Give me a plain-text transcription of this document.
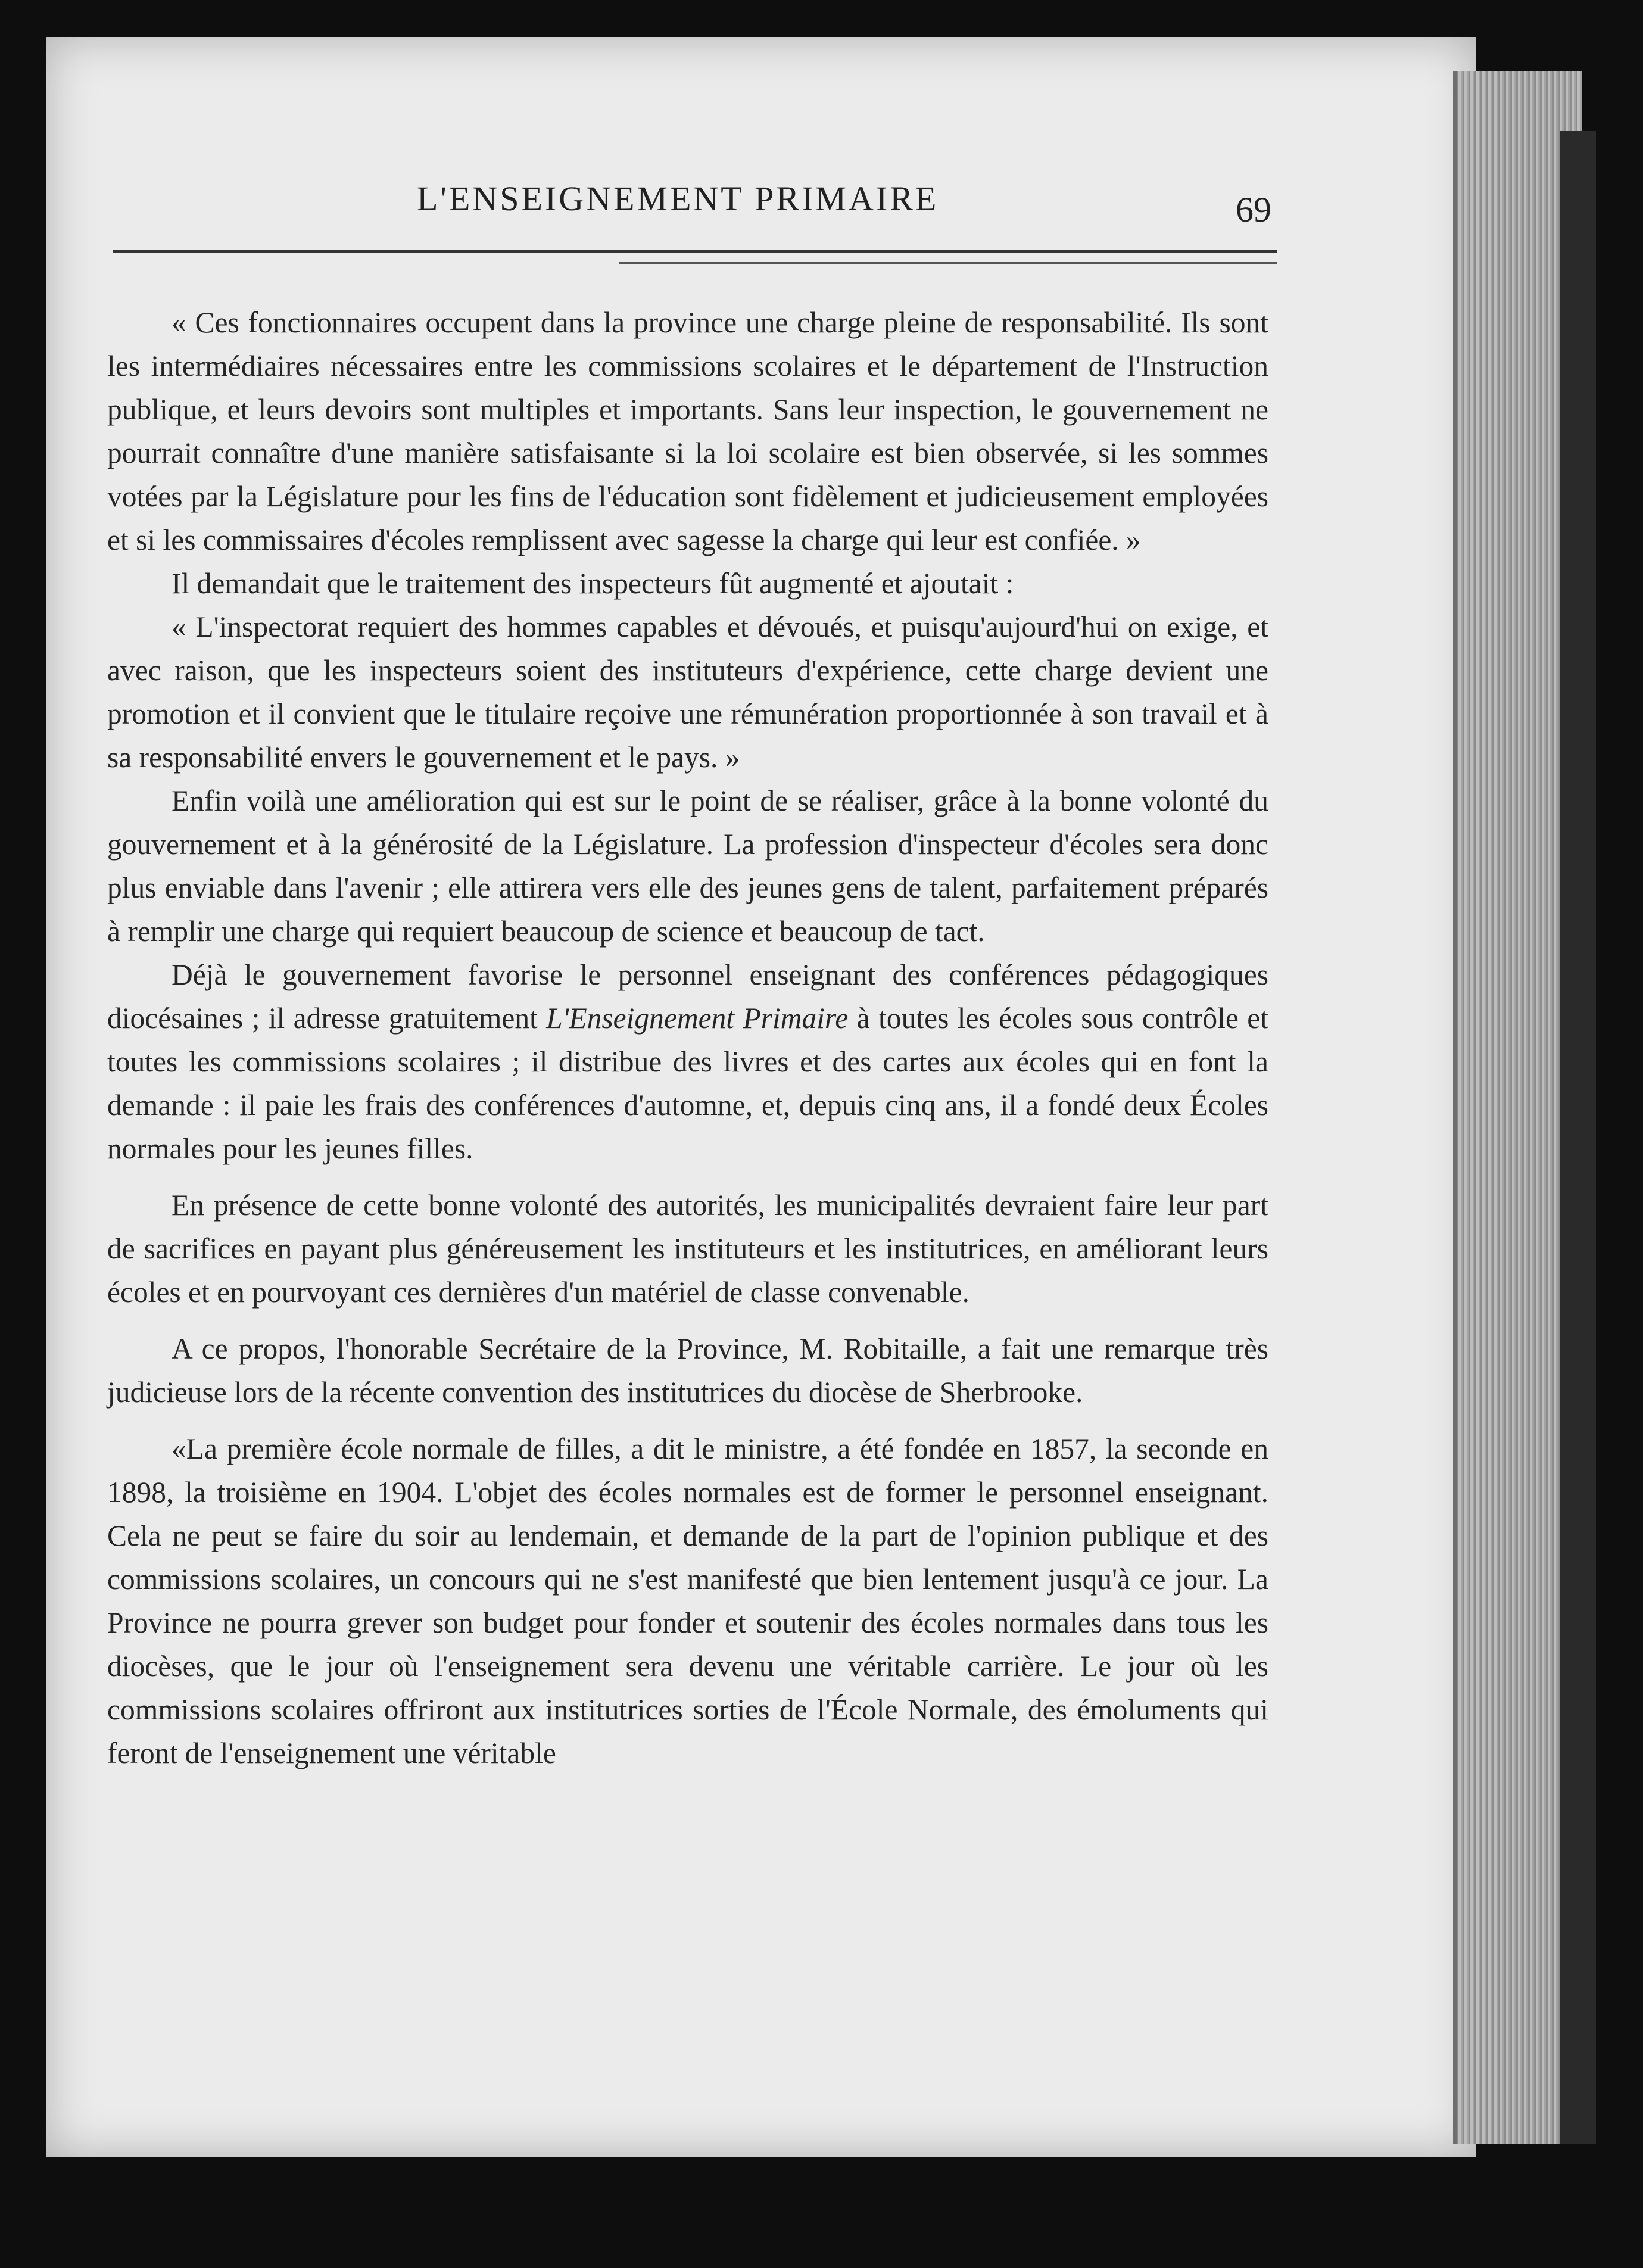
L'ENSEIGNEMENT PRIMAIRE	69

« Ces fonctionnaires occupent dans la province une charge pleine de responsabilité. Ils sont les intermédiaires nécessaires entre les commissions scolaires et le département de l'Instruction publique, et leurs devoirs sont multiples et importants. Sans leur inspection, le gouvernement ne pourrait connaître d'une manière satisfaisante si la loi scolaire est bien observée, si les sommes votées par la Législature pour les fins de l'éducation sont fidèlement et judicieusement employées et si les commissaires d'écoles remplissent avec sagesse la charge qui leur est confiée. »

Il demandait que le traitement des inspecteurs fût augmenté et ajoutait :

« L'inspectorat requiert des hommes capables et dévoués, et puisqu'aujourd'hui on exige, et avec raison, que les inspecteurs soient des instituteurs d'expérience, cette charge devient une promotion et il convient que le titulaire reçoive une rémunération proportionnée à son travail et à sa responsabilité envers le gouvernement et le pays. »

Enfin voilà une amélioration qui est sur le point de se réaliser, grâce à la bonne volonté du gouvernement et à la générosité de la Législature. La profession d'inspecteur d'écoles sera donc plus enviable dans l'avenir ; elle attirera vers elle des jeunes gens de talent, parfaitement préparés à remplir une charge qui requiert beaucoup de science et beaucoup de tact.

Déjà le gouvernement favorise le personnel enseignant des conférences pédagogiques diocésaines ; il adresse gratuitement L'Enseignement Primaire à toutes les écoles sous contrôle et toutes les commissions scolaires ; il distribue des livres et des cartes aux écoles qui en font la demande : il paie les frais des conférences d'automne, et, depuis cinq ans, il a fondé deux Écoles normales pour les jeunes filles.

En présence de cette bonne volonté des autorités, les municipalités devraient faire leur part de sacrifices en payant plus généreusement les instituteurs et les institutrices, en améliorant leurs écoles et en pourvoyant ces dernières d'un matériel de classe convenable.

A ce propos, l'honorable Secrétaire de la Province, M. Robitaille, a fait une remarque très judicieuse lors de la récente convention des institutrices du diocèse de Sherbrooke.

«La première école normale de filles, a dit le ministre, a été fondée en 1857, la seconde en 1898, la troisième en 1904. L'objet des écoles normales est de former le personnel enseignant. Cela ne peut se faire du soir au lendemain, et demande de la part de l'opinion publique et des commissions scolaires, un concours qui ne s'est manifesté que bien lentement jusqu'à ce jour. La Province ne pourra grever son budget pour fonder et soutenir des écoles normales dans tous les diocèses, que le jour où l'enseignement sera devenu une véritable carrière. Le jour où les commissions scolaires offriront aux institutrices sorties de l'École Normale, des émoluments qui feront de l'enseignement une véritable
